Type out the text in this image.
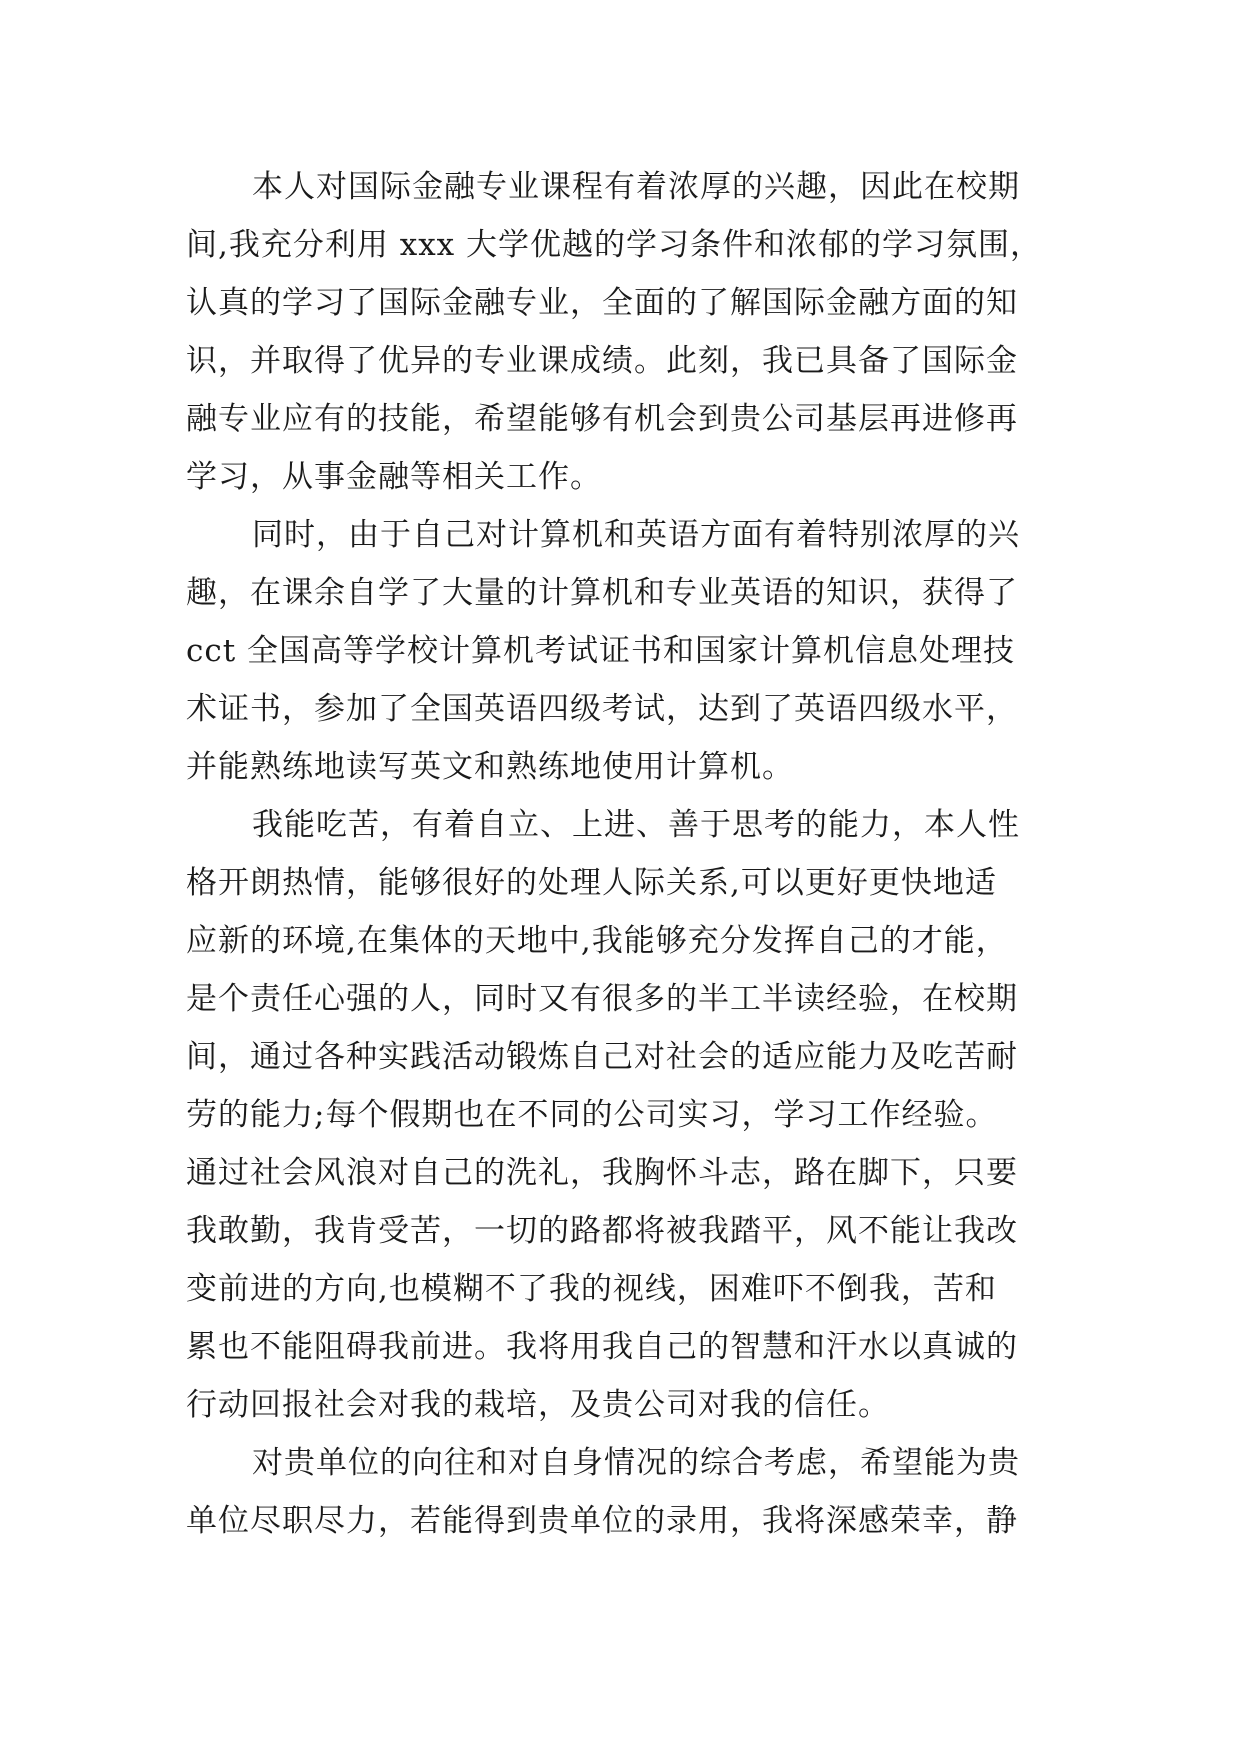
本人对国际金融专业课程有着浓厚的兴趣，因此在校期
间,我充分利用 xxx 大学优越的学习条件和浓郁的学习氛围，
认真的学习了国际金融专业，全面的了解国际金融方面的知
识，并取得了优异的专业课成绩。此刻，我已具备了国际金
融专业应有的技能，希望能够有机会到贵公司基层再进修再
学习，从事金融等相关工作。
同时，由于自己对计算机和英语方面有着特别浓厚的兴
趣，在课余自学了大量的计算机和专业英语的知识，获得了
cct 全国高等学校计算机考试证书和国家计算机信息处理技
术证书，参加了全国英语四级考试，达到了英语四级水平，
并能熟练地读写英文和熟练地使用计算机。
我能吃苦，有着自立、上进、善于思考的能力，本人性
格开朗热情，能够很好的处理人际关系,可以更好更快地适
应新的环境,在集体的天地中,我能够充分发挥自己的才能，
是个责任心强的人，同时又有很多的半工半读经验，在校期
间，通过各种实践活动锻炼自己对社会的适应能力及吃苦耐
劳的能力;每个假期也在不同的公司实习，学习工作经验。
通过社会风浪对自己的洗礼，我胸怀斗志，路在脚下，只要
我敢勤，我肯受苦，一切的路都将被我踏平，风不能让我改
变前进的方向,也模糊不了我的视线，困难吓不倒我，苦和
累也不能阻碍我前进。我将用我自己的智慧和汗水以真诚的
行动回报社会对我的栽培，及贵公司对我的信任。
对贵单位的向往和对自身情况的综合考虑，希望能为贵
单位尽职尽力，若能得到贵单位的录用，我将深感荣幸，静
